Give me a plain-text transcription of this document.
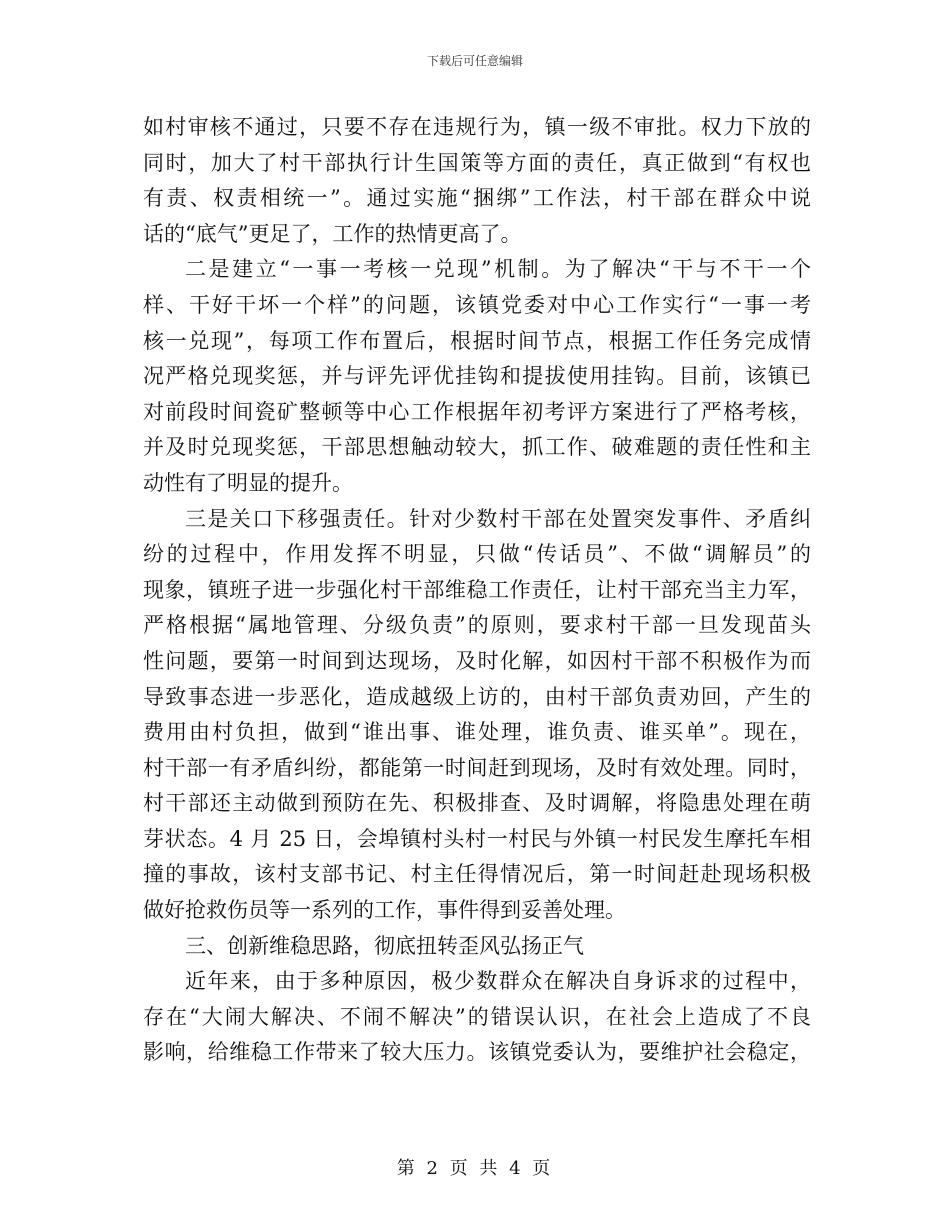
下载后可任意编辑
如村审核不通过，只要不存在违规行为，镇一级不审批。权力下放的
同时，加大了村干部执行计生国策等方面的责任，真正做到“有权也
有责、权责相统一”。通过实施“捆绑”工作法，村干部在群众中说
话的“底气”更足了，工作的热情更高了。
二是建立“一事一考核一兑现”机制。为了解决“干与不干一个
样、干好干坏一个样”的问题，该镇党委对中心工作实行“一事一考
核一兑现”，每项工作布置后，根据时间节点，根据工作任务完成情
况严格兑现奖惩，并与评先评优挂钩和提拔使用挂钩。目前，该镇已
对前段时间瓷矿整顿等中心工作根据年初考评方案进行了严格考核，
并及时兑现奖惩，干部思想触动较大，抓工作、破难题的责任性和主
动性有了明显的提升。
三是关口下移强责任。针对少数村干部在处置突发事件、矛盾纠
纷的过程中，作用发挥不明显，只做“传话员”、不做“调解员”的
现象，镇班子进一步强化村干部维稳工作责任，让村干部充当主力军，
严格根据“属地管理、分级负责”的原则，要求村干部一旦发现苗头
性问题，要第一时间到达现场，及时化解，如因村干部不积极作为而
导致事态进一步恶化，造成越级上访的，由村干部负责劝回，产生的
费用由村负担，做到“谁出事、谁处理，谁负责、谁买单”。现在，
村干部一有矛盾纠纷，都能第一时间赶到现场，及时有效处理。同时，
村干部还主动做到预防在先、积极排查、及时调解，将隐患处理在萌
芽状态。4 月 25 日，会埠镇村头村一村民与外镇一村民发生摩托车相
撞的事故，该村支部书记、村主任得情况后，第一时间赶赴现场积极
做好抢救伤员等一系列的工作，事件得到妥善处理。
三、创新维稳思路，彻底扭转歪风弘扬正气
近年来，由于多种原因，极少数群众在解决自身诉求的过程中，
存在“大闹大解决、不闹不解决”的错误认识，在社会上造成了不良
影响，给维稳工作带来了较大压力。该镇党委认为，要维护社会稳定，
第 2 页 共 4 页
